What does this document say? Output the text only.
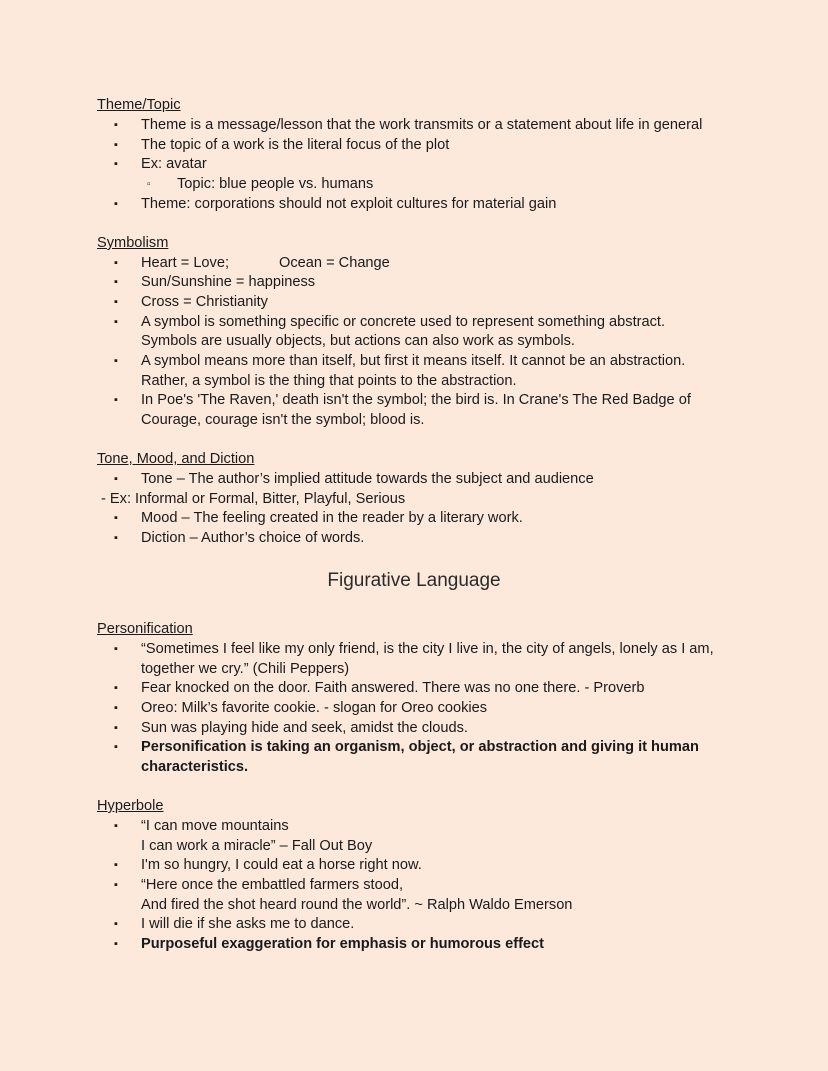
Theme/Topic
▪ Theme is a message/lesson that the work transmits or a statement about life in general
▪ The topic of a work is the literal focus of the plot
▪ Ex: avatar
▫ Topic: blue people vs. humans
▪ Theme: corporations should not exploit cultures for material gain
Symbolism
▪ Heart = Love;	Ocean = Change
▪ Sun/Sunshine = happiness
▪ Cross = Christianity
▪ A symbol is something specific or concrete used to represent something abstract.
Symbols are usually objects, but actions can also work as symbols.
▪ A symbol means more than itself, but first it means itself. It cannot be an abstraction.
Rather, a symbol is the thing that points to the abstraction.
▪ In Poe's 'The Raven,' death isn't the symbol; the bird is. In Crane's The Red Badge of
Courage, courage isn't the symbol; blood is.
Tone, Mood, and Diction
▪ Tone – The author’s implied attitude towards the subject and audience
- Ex: Informal or Formal, Bitter, Playful, Serious
▪ Mood – The feeling created in the reader by a literary work.
▪ Diction – Author’s choice of words.
Figurative Language
Personification
▪ “Sometimes I feel like my only friend, is the city I live in, the city of angels, lonely as I am,
together we cry.” (Chili Peppers)
▪ Fear knocked on the door. Faith answered. There was no one there. - Proverb
▪ Oreo: Milk’s favorite cookie. - slogan for Oreo cookies
▪ Sun was playing hide and seek, amidst the clouds.
▪ Personification is taking an organism, object, or abstraction and giving it human
characteristics.
Hyperbole
▪ “I can move mountains
I can work a miracle” – Fall Out Boy
▪ I'm so hungry, I could eat a horse right now.
▪ “Here once the embattled farmers stood,
And fired the shot heard round the world”. ~ Ralph Waldo Emerson
▪ I will die if she asks me to dance.
▪ Purposeful exaggeration for emphasis or humorous effect
